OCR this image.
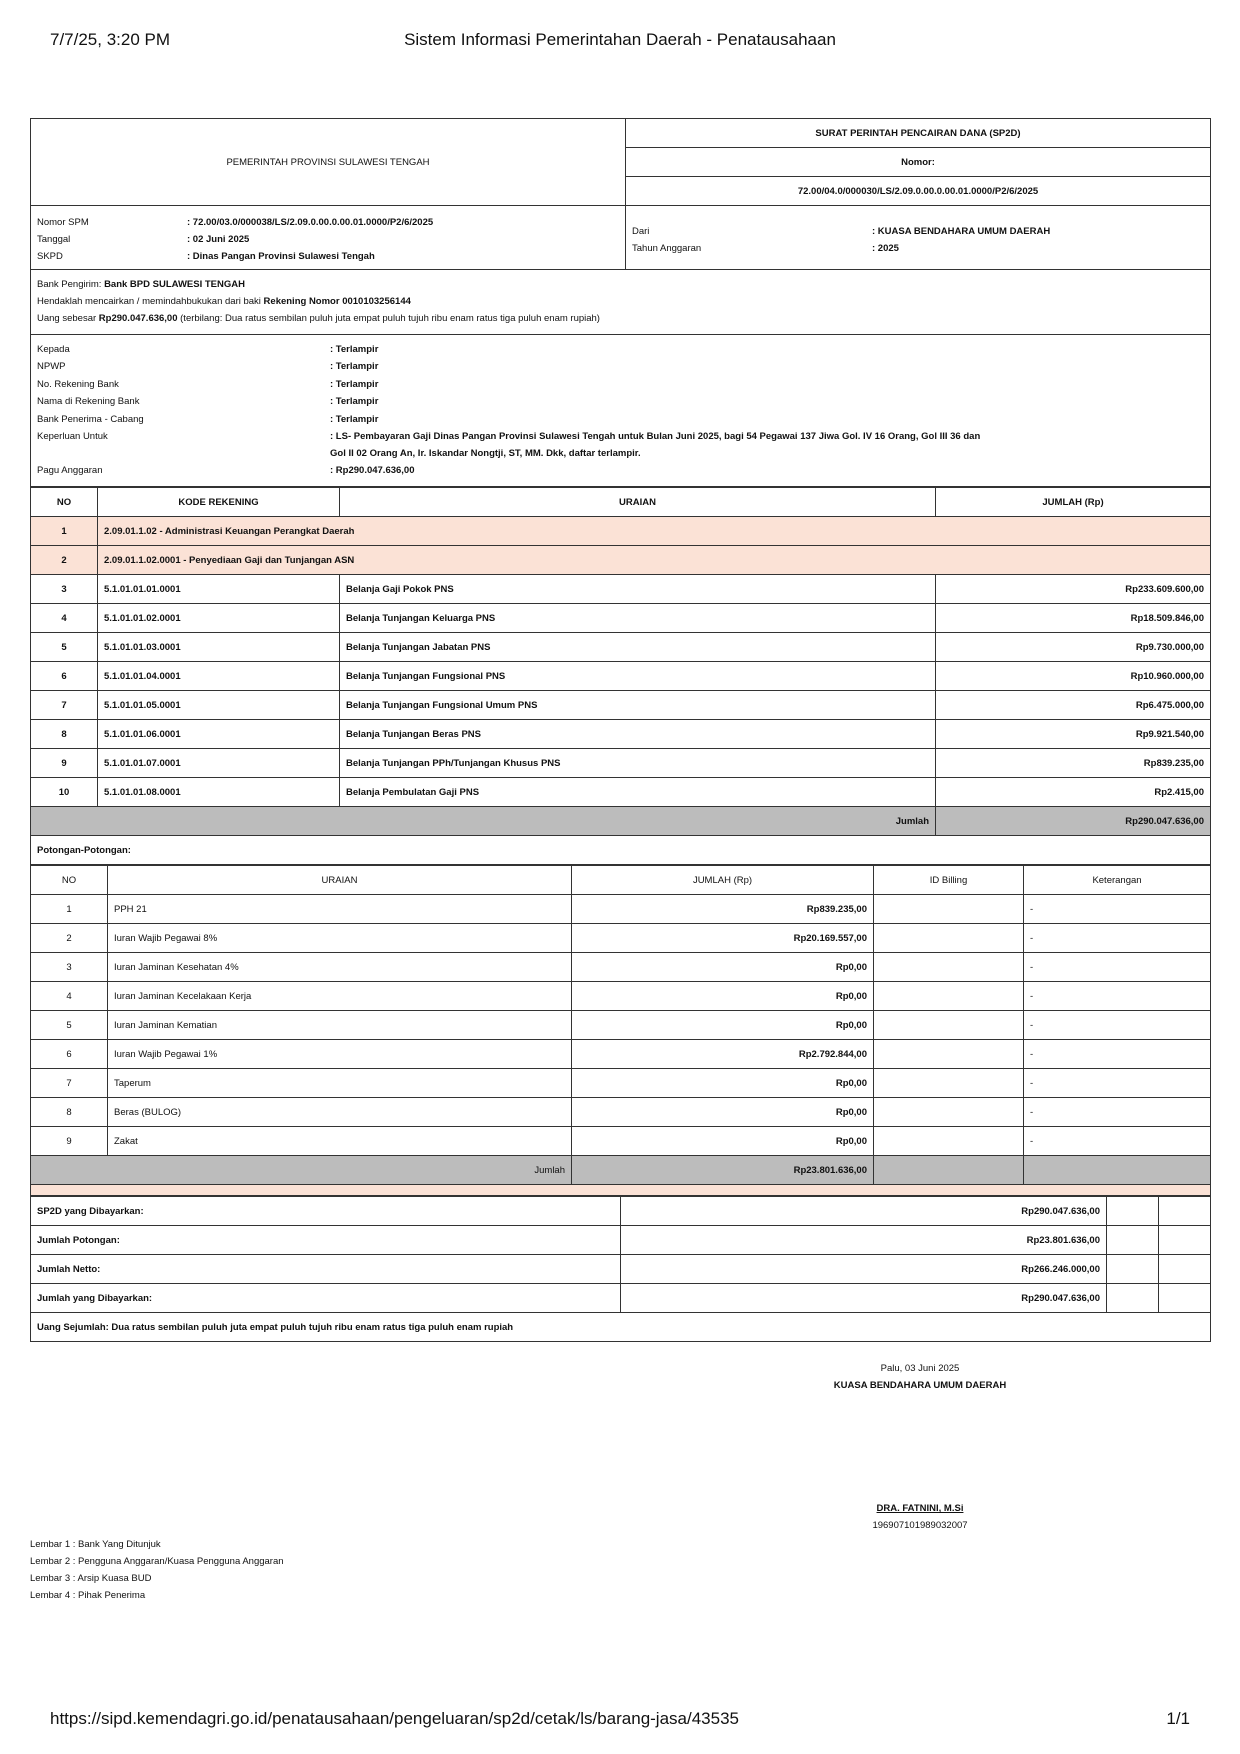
7/7/25, 3:20 PM	Sistem Informasi Pemerintahan Daerah - Penatausahaan
PEMERINTAH PROVINSI SULAWESI TENGAH	SURAT PERINTAH PENCAIRAN DANA (SP2D)
Nomor:
72.00/04.0/000030/LS/2.09.0.00.0.00.01.0000/P2/6/2025
Nomor SPM	: 72.00/03.0/000038/LS/2.09.0.00.0.00.01.0000/P2/6/2025
Tanggal	: 02 Juni 2025
SKPD	: Dinas Pangan Provinsi Sulawesi Tengah
Dari	: KUASA BENDAHARA UMUM DAERAH
Tahun Anggaran	: 2025
Bank Pengirim: Bank BPD SULAWESI TENGAH
Hendaklah mencairkan / memindahbukukan dari baki Rekening Nomor 0010103256144
Uang sebesar Rp290.047.636,00 (terbilang: Dua ratus sembilan puluh juta empat puluh tujuh ribu enam ratus tiga puluh enam rupiah)
Kepada	: Terlampir
NPWP	: Terlampir
No. Rekening Bank	: Terlampir
Nama di Rekening Bank	: Terlampir
Bank Penerima - Cabang	: Terlampir
Keperluan Untuk	: LS- Pembayaran Gaji Dinas Pangan Provinsi Sulawesi Tengah untuk Bulan Juni 2025, bagi 54 Pegawai 137 Jiwa Gol. IV 16 Orang, Gol III 36 dan
Gol II 02 Orang An, Ir. Iskandar Nongtji, ST, MM. Dkk, daftar terlampir.
Pagu Anggaran	: Rp290.047.636,00
NO	KODE REKENING	URAIAN	JUMLAH (Rp)
1	2.09.01.1.02 - Administrasi Keuangan Perangkat Daerah		
2	2.09.01.1.02.0001 - Penyediaan Gaji dan Tunjangan ASN		
3	5.1.01.01.01.0001	Belanja Gaji Pokok PNS	Rp233.609.600,00
4	5.1.01.01.02.0001	Belanja Tunjangan Keluarga PNS	Rp18.509.846,00
5	5.1.01.01.03.0001	Belanja Tunjangan Jabatan PNS	Rp9.730.000,00
6	5.1.01.01.04.0001	Belanja Tunjangan Fungsional PNS	Rp10.960.000,00
7	5.1.01.01.05.0001	Belanja Tunjangan Fungsional Umum PNS	Rp6.475.000,00
8	5.1.01.01.06.0001	Belanja Tunjangan Beras PNS	Rp9.921.540,00
9	5.1.01.01.07.0001	Belanja Tunjangan PPh/Tunjangan Khusus PNS	Rp839.235,00
10	5.1.01.01.08.0001	Belanja Pembulatan Gaji PNS	Rp2.415,00
Jumlah			Rp290.047.636,00
Potongan-Potongan:
NO	URAIAN	JUMLAH (Rp)	ID Billing	Keterangan
1	PPH 21	Rp839.235,00		-
2	Iuran Wajib Pegawai 8%	Rp20.169.557,00		-
3	Iuran Jaminan Kesehatan 4%	Rp0,00		-
4	Iuran Jaminan Kecelakaan Kerja	Rp0,00		-
5	Iuran Jaminan Kematian	Rp0,00		-
6	Iuran Wajib Pegawai 1%	Rp2.792.844,00		-
7	Taperum	Rp0,00		-
8	Beras (BULOG)	Rp0,00		-
9	Zakat	Rp0,00		-
Jumlah		Rp23.801.636,00		
SP2D yang Dibayarkan:	Rp290.047.636,00		
Jumlah Potongan:	Rp23.801.636,00		
Jumlah Netto:	Rp266.246.000,00		
Jumlah yang Dibayarkan:	Rp290.047.636,00		
Uang Sejumlah: Dua ratus sembilan puluh juta empat puluh tujuh ribu enam ratus tiga puluh enam rupiah
Palu, 03 Juni 2025
KUASA BENDAHARA UMUM DAERAH
DRA. FATNINI, M.Si
196907101989032007
Lembar 1 : Bank Yang Ditunjuk
Lembar 2 : Pengguna Anggaran/Kuasa Pengguna Anggaran
Lembar 3 : Arsip Kuasa BUD
Lembar 4 : Pihak Penerima
https://sipd.kemendagri.go.id/penatausahaan/pengeluaran/sp2d/cetak/ls/barang-jasa/43535	1/1
